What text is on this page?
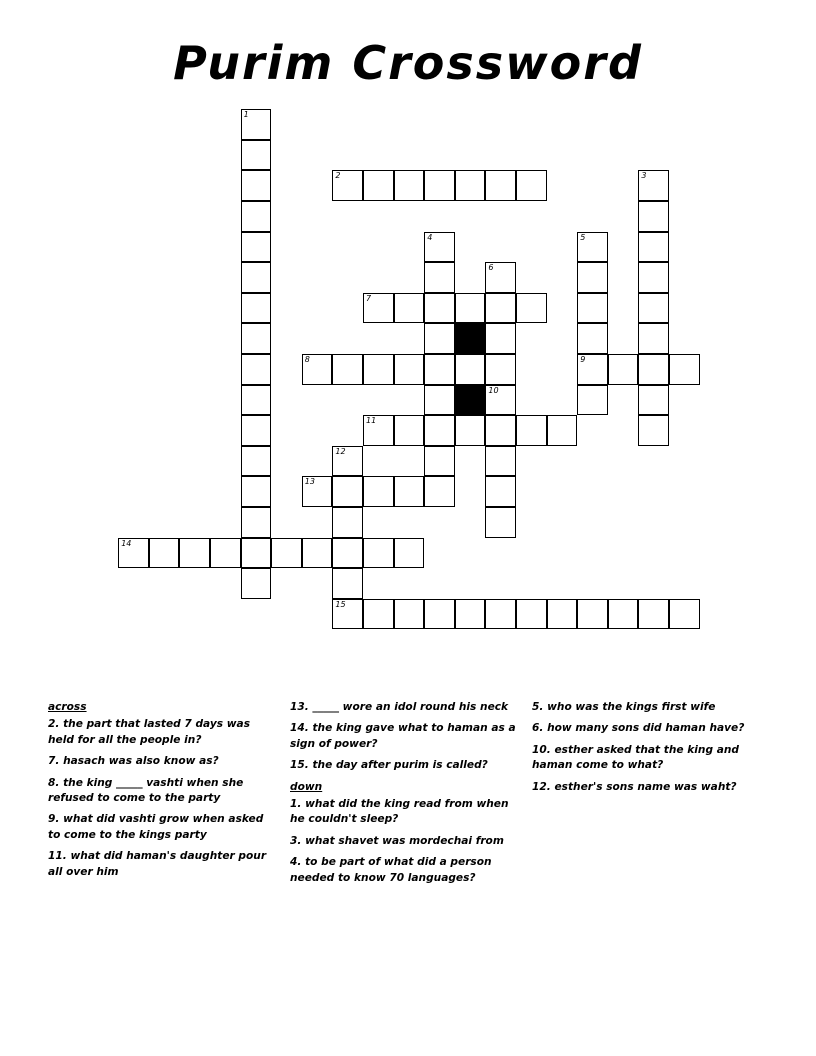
Purim Crossword
2
7
8	9
11
13
14
15
1
3
4	5
6
10
12
across
2. the part that lasted 7 days was held for all the people in?
7. hasach was also know as?
8. the king _____ vashti when she refused to come to the party
9. what did vashti grow when asked to come to the kings party
11. what did haman's daughter pour all over him
13. _____ wore an idol round his neck
14. the king gave what to haman as a sign of power?
15. the day after purim is called?
down
1. what did the king read from when he couldn't sleep?
3. what shavet was mordechai from
4. to be part of what did a person needed to know 70 languages?
5. who was the kings first wife
6. how many sons did haman have?
10. esther asked that the king and haman come to what?
12. esther's sons name was waht?
